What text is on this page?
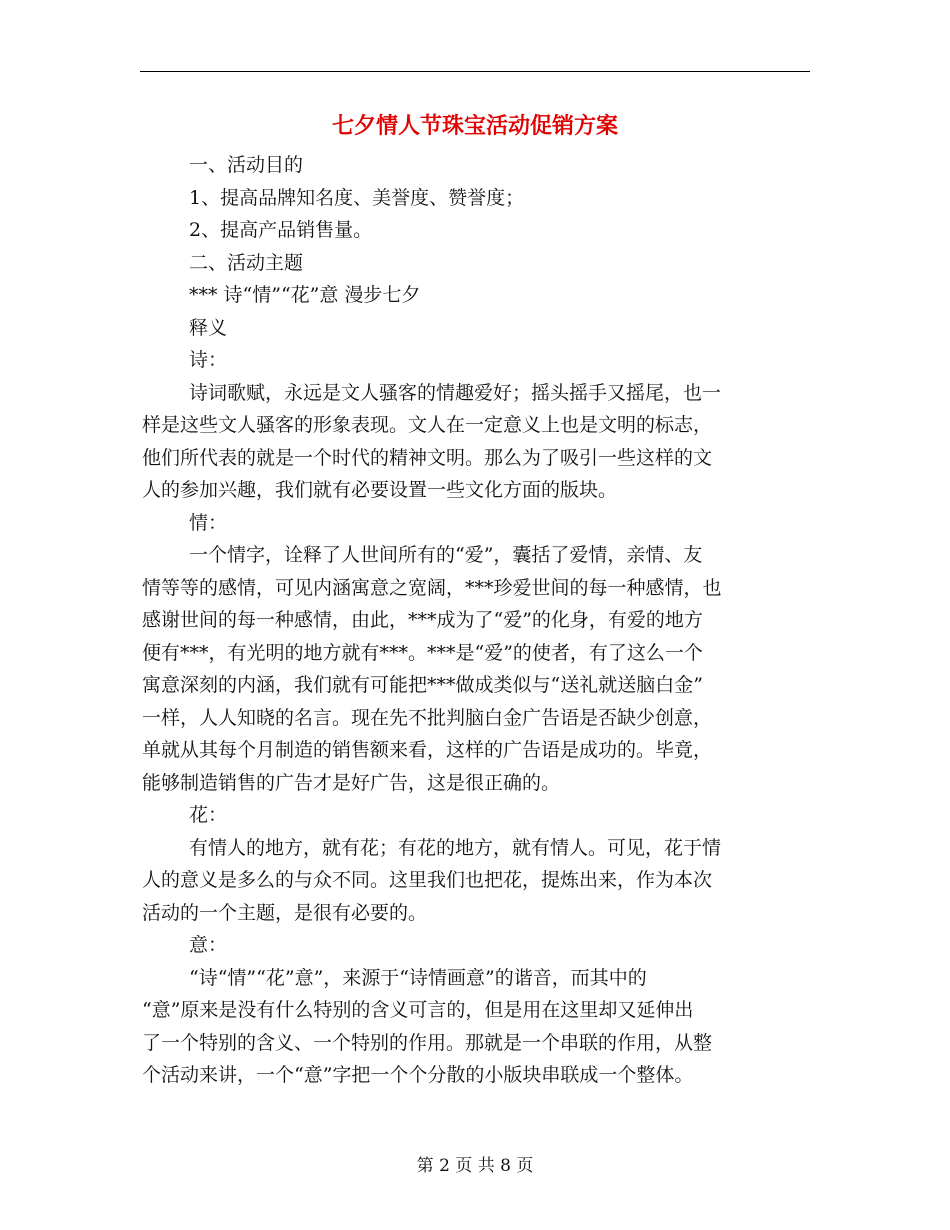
七夕情人节珠宝活动促销方案
一、活动目的
1、提高品牌知名度、美誉度、赞誉度；
2、提高产品销售量。
二、活动主题
*** 诗“情”“花”意 漫步七夕
释义
诗：
诗词歌赋，永远是文人骚客的情趣爱好；摇头摇手又摇尾，也一
样是这些文人骚客的形象表现。文人在一定意义上也是文明的标志，
他们所代表的就是一个时代的精神文明。那么为了吸引一些这样的文
人的参加兴趣，我们就有必要设置一些文化方面的版块。
情：
一个情字，诠释了人世间所有的“爱”，囊括了爱情，亲情、友
情等等的感情，可见内涵寓意之宽阔，***珍爱世间的每一种感情，也
感谢世间的每一种感情，由此，***成为了“爱”的化身，有爱的地方
便有***，有光明的地方就有***。***是“爱”的使者，有了这么一个
寓意深刻的内涵，我们就有可能把***做成类似与“送礼就送脑白金”
一样，人人知晓的名言。现在先不批判脑白金广告语是否缺少创意，
单就从其每个月制造的销售额来看，这样的广告语是成功的。毕竟，
能够制造销售的广告才是好广告，这是很正确的。
花：
有情人的地方，就有花；有花的地方，就有情人。可见，花于情
人的意义是多么的与众不同。这里我们也把花，提炼出来，作为本次
活动的一个主题，是很有必要的。
意：
“诗“情”“花”意”，来源于“诗情画意”的谐音，而其中的
“意”原来是没有什么特别的含义可言的，但是用在这里却又延伸出
了一个特别的含义、一个特别的作用。那就是一个串联的作用，从整
个活动来讲，一个“意”字把一个个分散的小版块串联成一个整体。
第 2 页 共 8 页
